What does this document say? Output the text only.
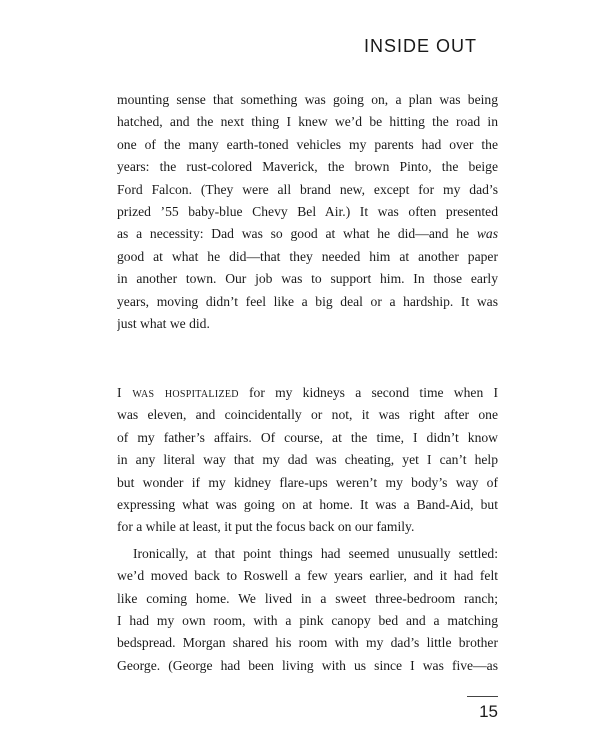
INSIDE OUT
mounting sense that something was going on, a plan was being
hatched, and the next thing I knew we’d be hitting the road in
one of the many earth-toned vehicles my parents had over the
years: the rust-colored Maverick, the brown Pinto, the beige
Ford Falcon. (They were all brand new, except for my dad’s
prized ’55 baby-blue Chevy Bel Air.) It was often presented
as a necessity: Dad was so good at what he did—and he was
good at what he did—that they needed him at another paper
in another town. Our job was to support him. In those early
years, moving didn’t feel like a big deal or a hardship. It was
just what we did.
I was hospitalized for my kidneys a second time when I
was eleven, and coincidentally or not, it was right after one
of my father’s affairs. Of course, at the time, I didn’t know
in any literal way that my dad was cheating, yet I can’t help
but wonder if my kidney flare-ups weren’t my body’s way of
expressing what was going on at home. It was a Band-Aid, but
for a while at least, it put the focus back on our family.
Ironically, at that point things had seemed unusually settled:
we’d moved back to Roswell a few years earlier, and it had felt
like coming home. We lived in a sweet three-bedroom ranch;
I had my own room, with a pink canopy bed and a matching
bedspread. Morgan shared his room with my dad’s little brother
George. (George had been living with us since I was five—as
15
